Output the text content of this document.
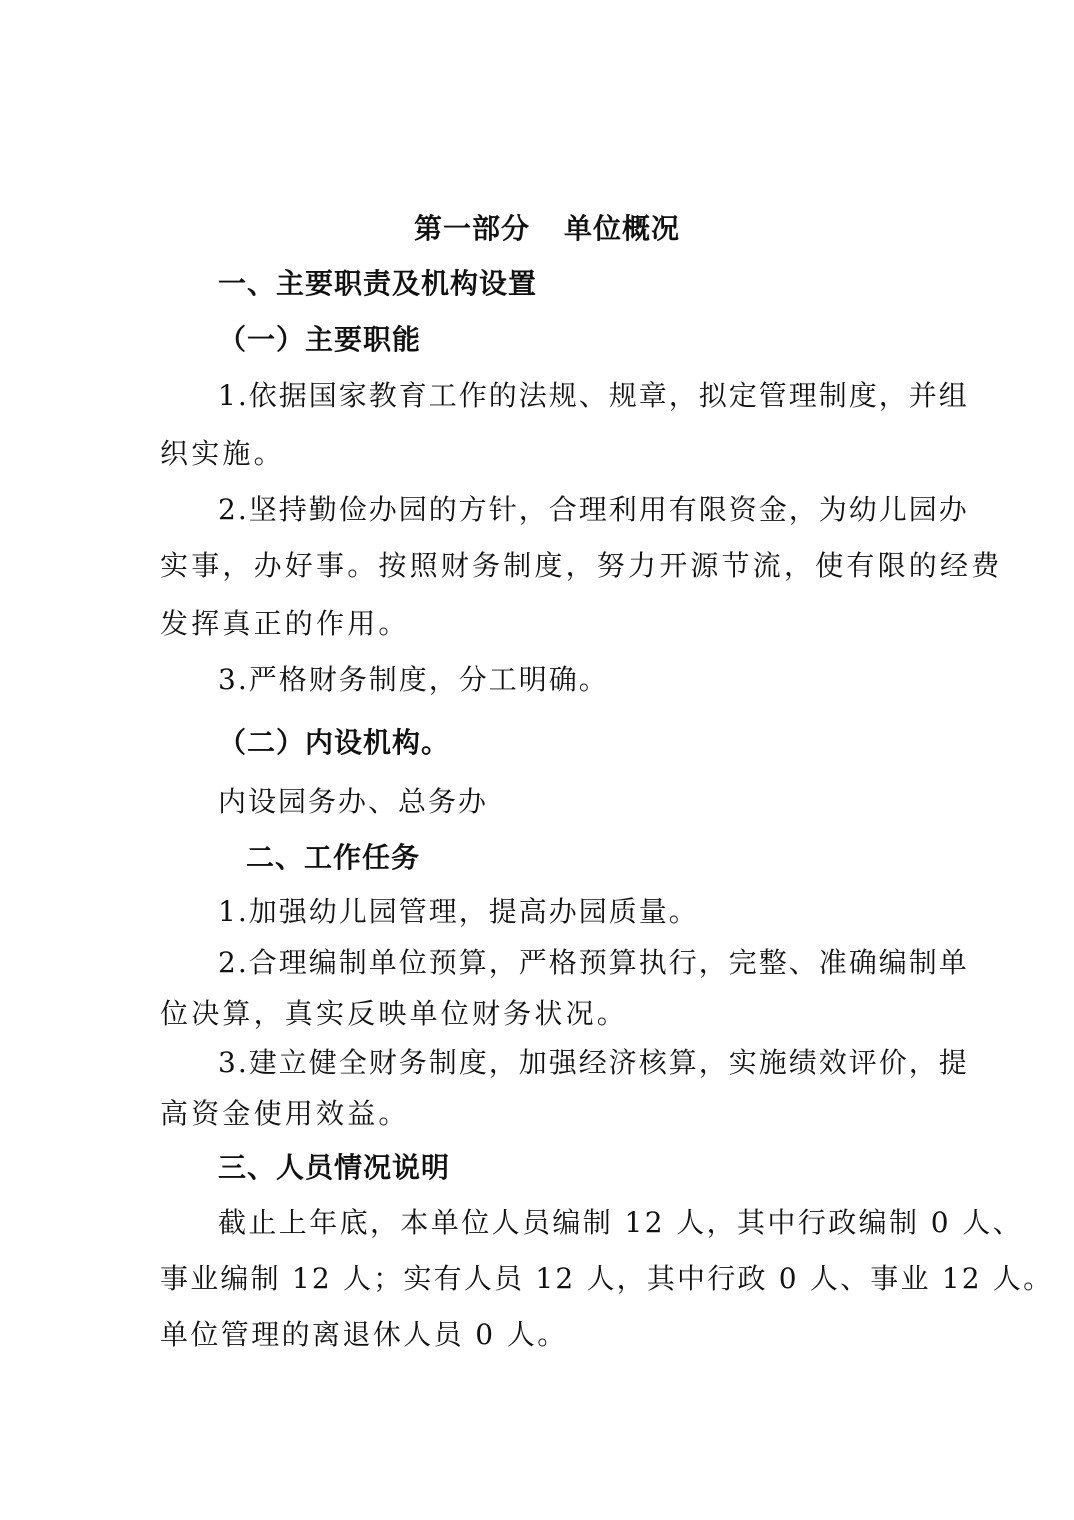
第一部分 单位概况
一、主要职责及机构设置
（一）主要职能
1.依据国家教育工作的法规、规章，拟定管理制度，并组
织实施。
2.坚持勤俭办园的方针，合理利用有限资金，为幼儿园办
实事，办好事。按照财务制度，努力开源节流，使有限的经费
发挥真正的作用。
3.严格财务制度，分工明确。
（二）内设机构。
内设园务办、总务办
二、工作任务
1.加强幼儿园管理，提高办园质量。
2.合理编制单位预算，严格预算执行，完整、准确编制单
位决算，真实反映单位财务状况。
3.建立健全财务制度，加强经济核算，实施绩效评价，提
高资金使用效益。
三、人员情况说明
截止上年底，本单位人员编制 12 人，其中行政编制 0 人、
事业编制 12 人；实有人员 12 人，其中行政 0 人、事业 12 人。
单位管理的离退休人员 0 人。
